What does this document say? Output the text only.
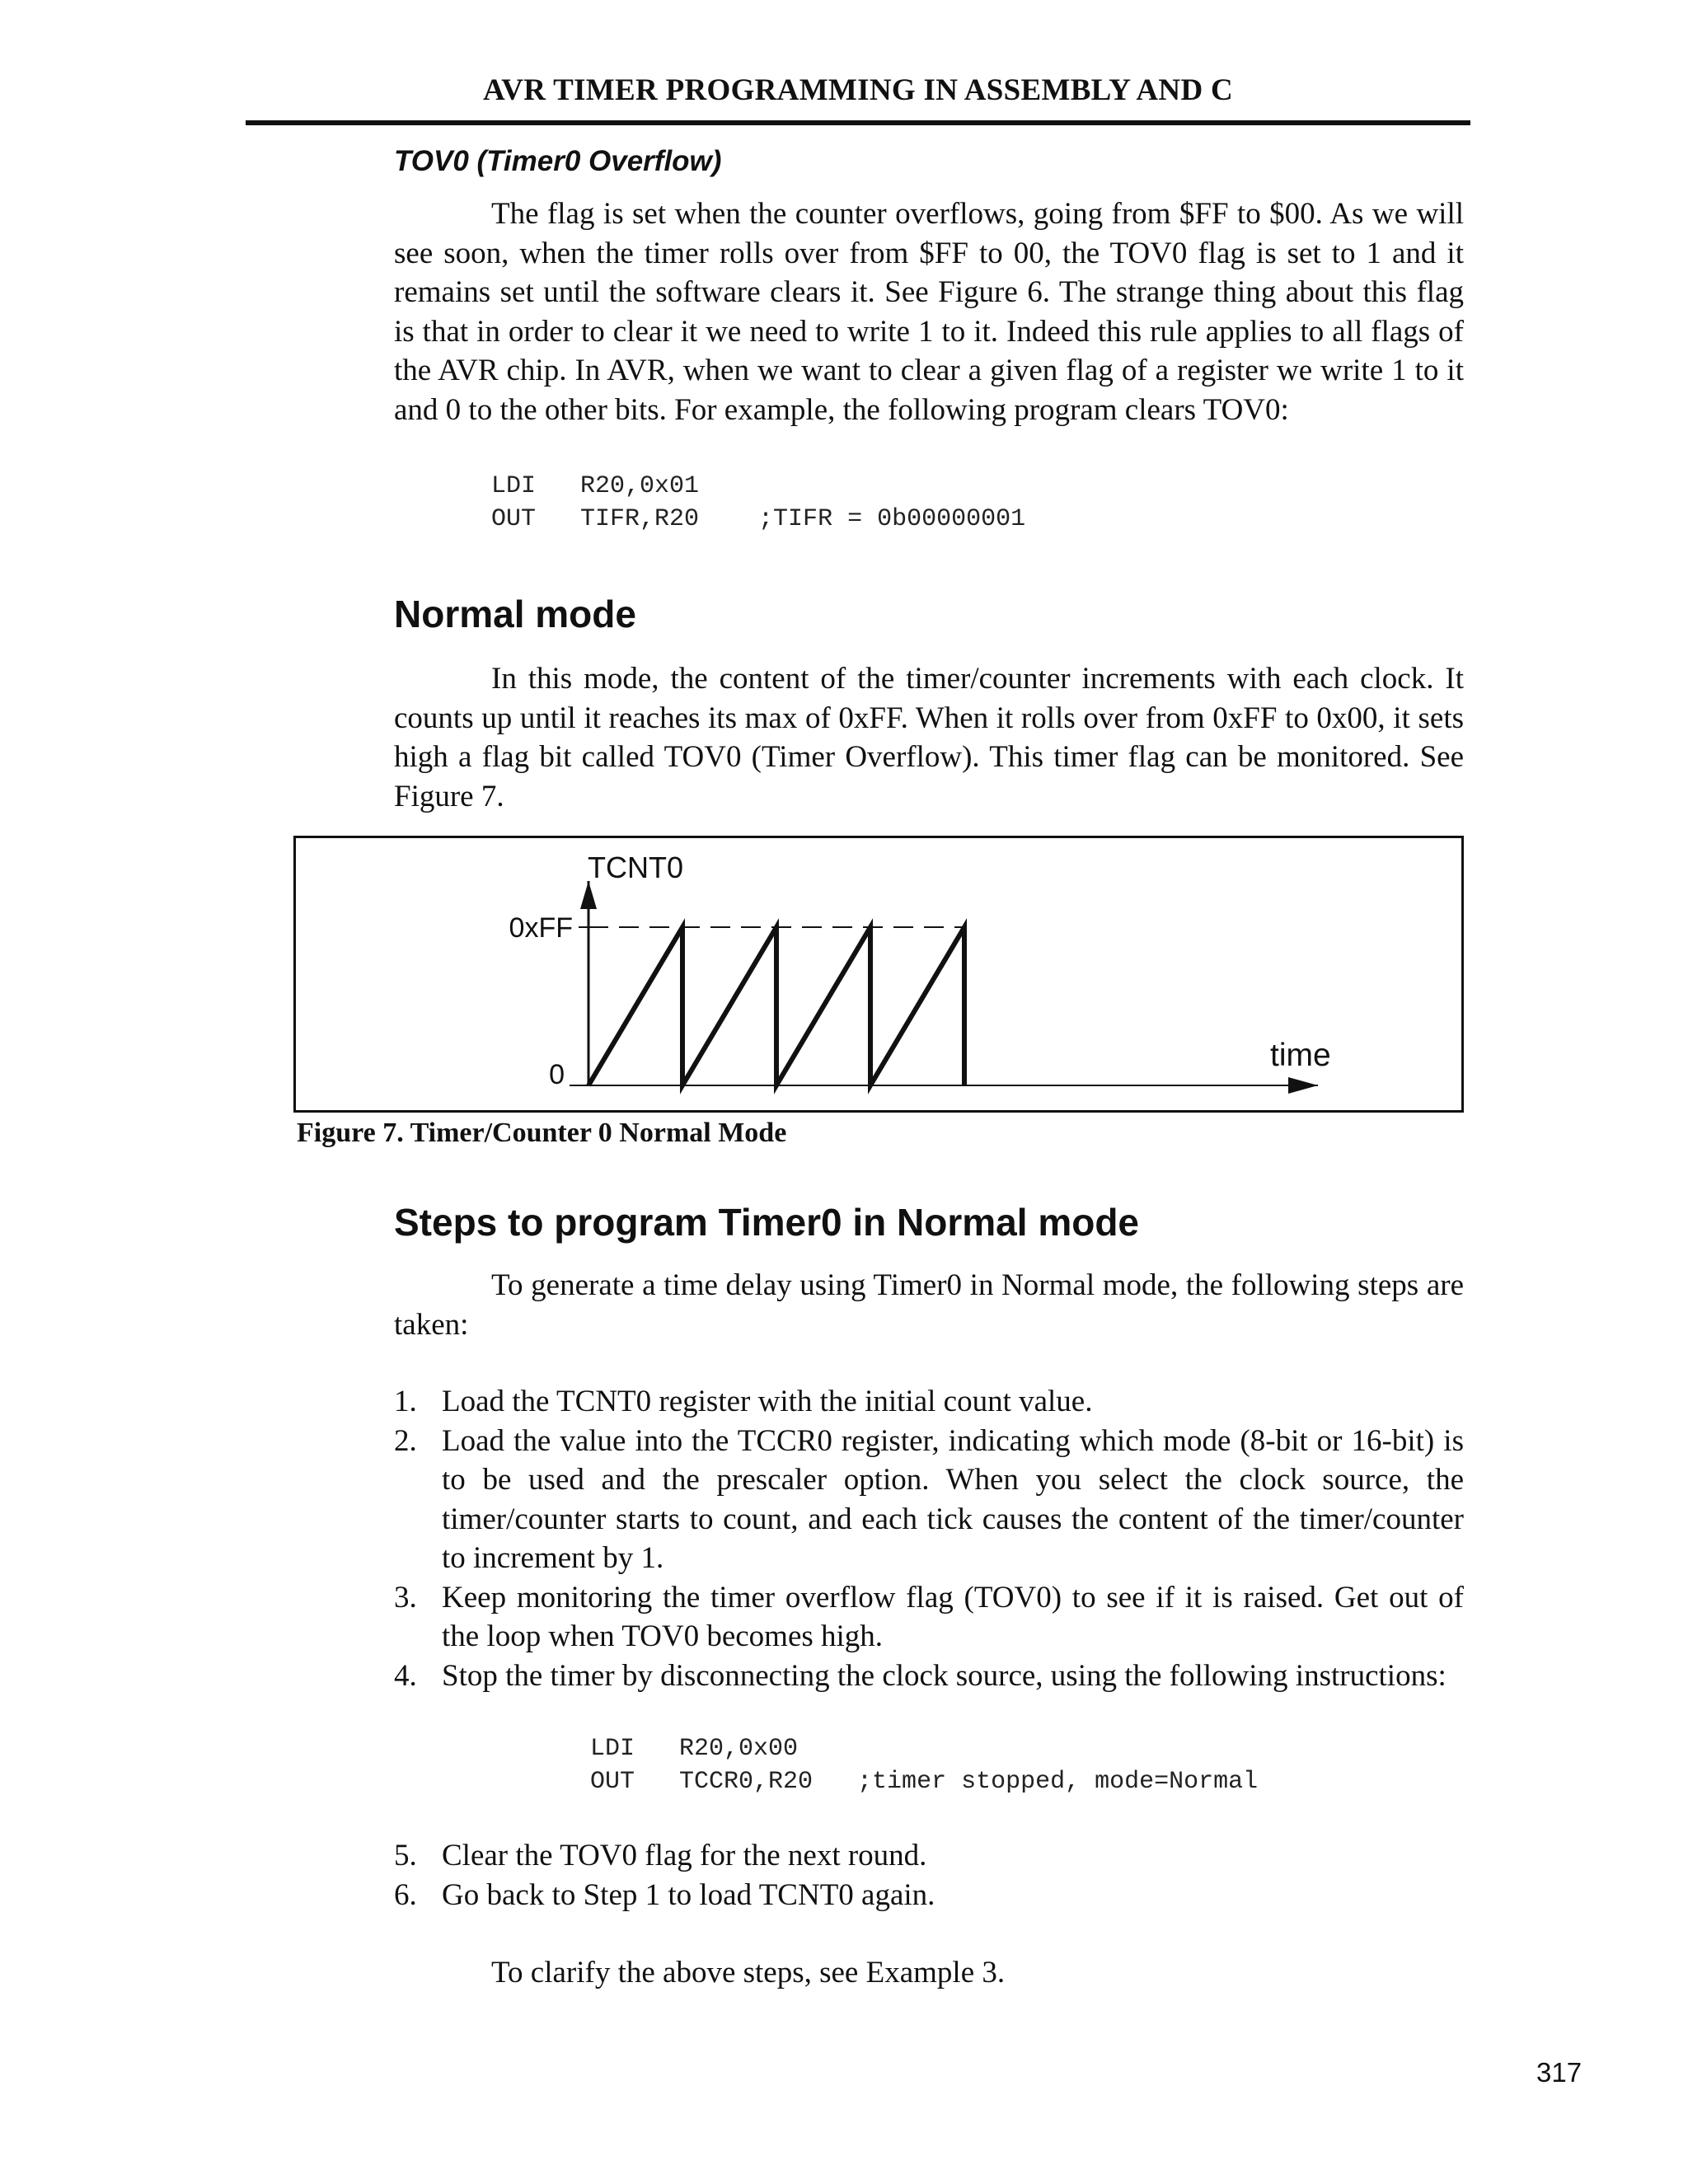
AVR TIMER PROGRAMMING IN ASSEMBLY AND C

TOV0 (Timer0 Overflow)

The flag is set when the counter overflows, going from $FF to $00. As we will see soon, when the timer rolls over from $FF to 00, the TOV0 flag is set to 1 and it remains set until the software clears it. See Figure 6. The strange thing about this flag is that in order to clear it we need to write 1 to it. Indeed this rule applies to all flags of the AVR chip. In AVR, when we want to clear a given flag of a register we write 1 to it and 0 to the other bits. For example, the following program clears TOV0:

LDI   R20,0x01
OUT   TIFR,R20    ;TIFR = 0b00000001
Normal mode

In this mode, the content of the timer/counter increments with each clock. It counts up until it reaches its max of 0xFF. When it rolls over from 0xFF to 0x00, it sets high a flag bit called TOV0 (Timer Overflow). This timer flag can be monitored. See Figure 7.

TCNT0
time
0xFF
0
Figure 7. Timer/Counter 0 Normal Mode
Steps to program Timer0 in Normal mode

To generate a time delay using Timer0 in Normal mode, the following steps are taken:

1. Load the TCNT0 register with the initial count value.
2. Load the value into the TCCR0 register, indicating which mode (8-bit or 16-bit) is to be used and the prescaler option. When you select the clock source, the timer/counter starts to count, and each tick causes the content of the timer/counter to increment by 1.
3. Keep monitoring the timer overflow flag (TOV0) to see if it is raised. Get out of the loop when TOV0 becomes high.
4. Stop the timer by disconnecting the clock source, using the following instructions:
LDI   R20,0x00
OUT   TCCR0,R20   ;timer stopped, mode=Normal
5. Clear the TOV0 flag for the next round.
6. Go back to Step 1 to load TCNT0 again.

To clarify the above steps, see Example 3.

317
